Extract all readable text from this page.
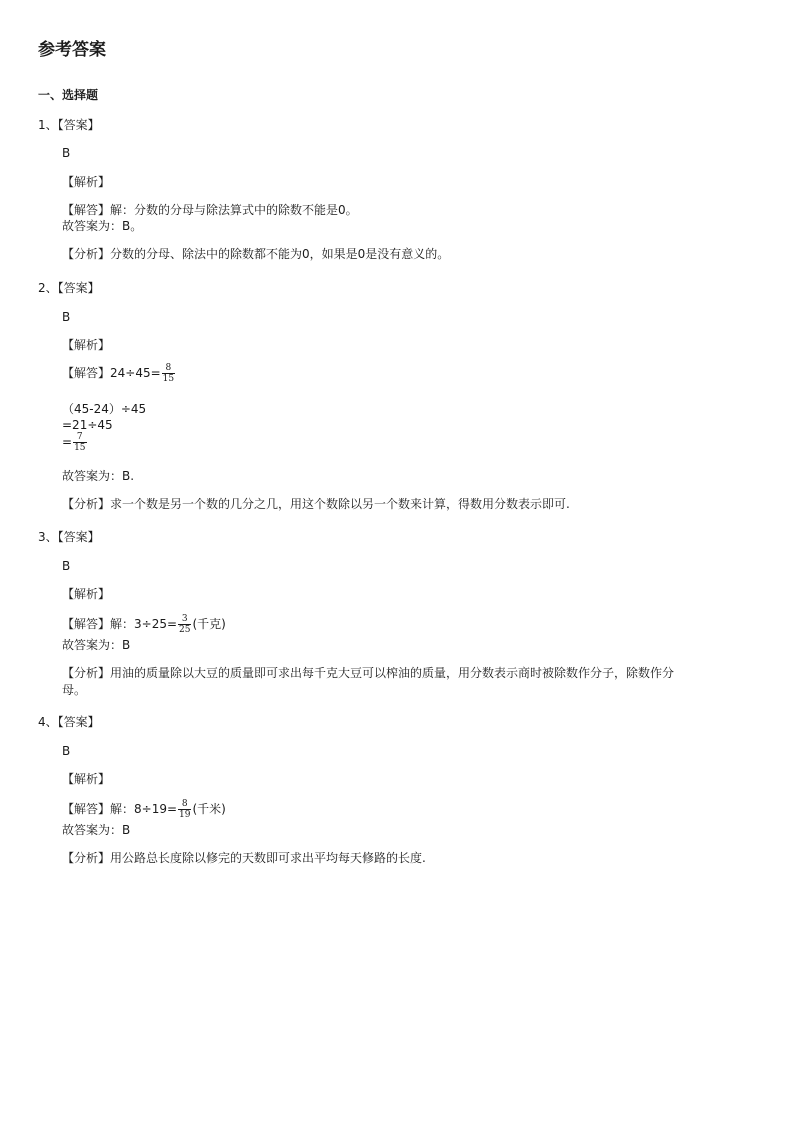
参考答案
一、选择题
1、【答案】
B
【解析】
【解答】解：分数的分母与除法算式中的除数不能是0。
故答案为：B。
【分析】分数的分母、除法中的除数都不能为0，如果是0是没有意义的。
2、【答案】
B
【解析】
【解答】$24\div 45= \frac{8}{15}$
（45-24）÷45
=21÷45
= $\frac{7}{15}$
故答案为：B.
【分析】求一个数是另一个数的几分之几，用这个数除以另一个数来计算，得数用分数表示即可.
3、【答案】
B
【解析】
【解答】解：$3\div 25= \frac{3}{25}$ (千克)
故答案为：B
【分析】用油的质量除以大豆的质量即可求出每千克大豆可以榨油的质量，用分数表示商时被除数作分子，除数作分
母。
4、【答案】
B
【解析】
【解答】解：$8\div 19= \frac{8}{19}$ (千米)
故答案为：B
【分析】用公路总长度除以修完的天数即可求出平均每天修路的长度.
